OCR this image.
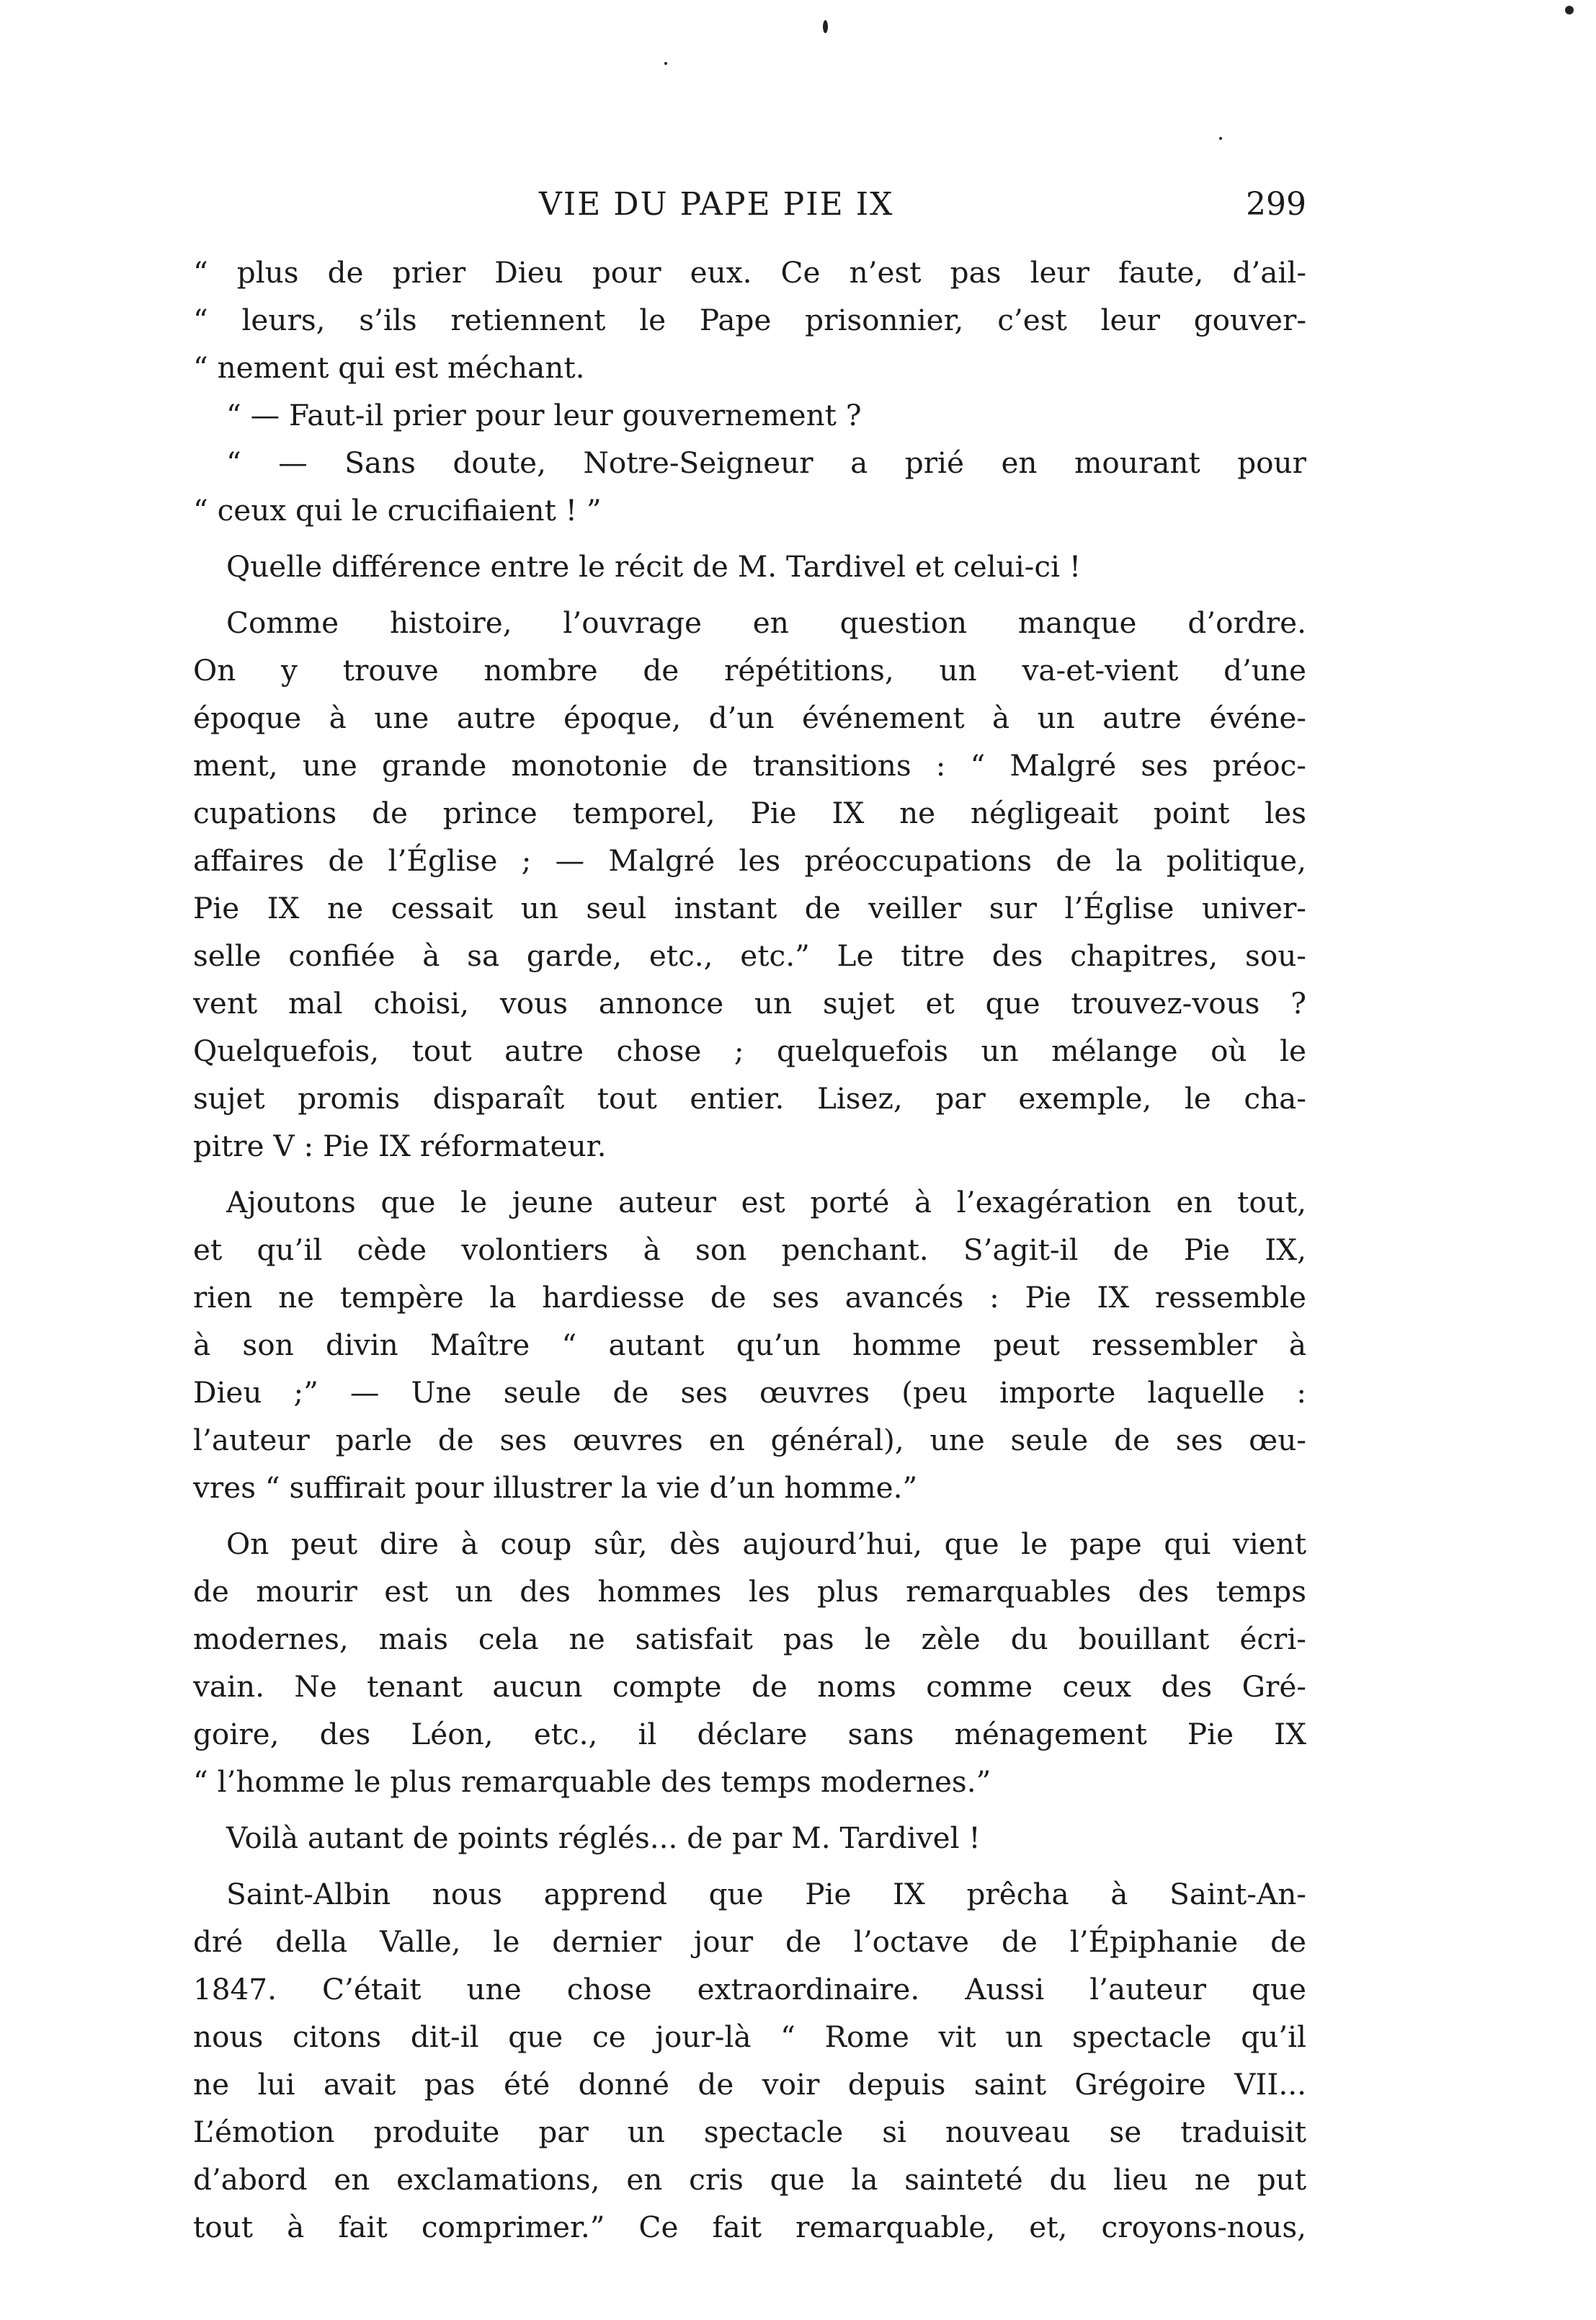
VIE DU PAPE PIE IX	299
“ plus de prier Dieu pour eux. Ce n’est pas leur faute, d’ail-
“ leurs, s’ils retiennent le Pape prisonnier, c’est leur gouver-
“ nement qui est méchant.
“ — Faut-il prier pour leur gouvernement ?
“ — Sans doute, Notre-Seigneur a prié en mourant pour
“ ceux qui le crucifiaient ! ”
Quelle différence entre le récit de M. Tardivel et celui-ci !
Comme histoire, l’ouvrage en question manque d’ordre.
On y trouve nombre de répétitions, un va-et-vient d’une
époque à une autre époque, d’un événement à un autre événe-
ment, une grande monotonie de transitions : “ Malgré ses préoc-
cupations de prince temporel, Pie IX ne négligeait point les
affaires de l’Église ; — Malgré les préoccupations de la politique,
Pie IX ne cessait un seul instant de veiller sur l’Église univer-
selle confiée à sa garde, etc., etc.” Le titre des chapitres, sou-
vent mal choisi, vous annonce un sujet et que trouvez-vous ?
Quelquefois, tout autre chose ; quelquefois un mélange où le
sujet promis disparaît tout entier. Lisez, par exemple, le cha-
pitre V : Pie IX réformateur.
Ajoutons que le jeune auteur est porté à l’exagération en tout,
et qu’il cède volontiers à son penchant. S’agit-il de Pie IX,
rien ne tempère la hardiesse de ses avancés : Pie IX ressemble
à son divin Maître “ autant qu’un homme peut ressembler à
Dieu ;” — Une seule de ses œuvres (peu importe laquelle :
l’auteur parle de ses œuvres en général), une seule de ses œu-
vres “ suffirait pour illustrer la vie d’un homme.”
On peut dire à coup sûr, dès aujourd’hui, que le pape qui vient
de mourir est un des hommes les plus remarquables des temps
modernes, mais cela ne satisfait pas le zèle du bouillant écri-
vain. Ne tenant aucun compte de noms comme ceux des Gré-
goire, des Léon, etc., il déclare sans ménagement Pie IX
“ l’homme le plus remarquable des temps modernes.”
Voilà autant de points réglés... de par M. Tardivel !
Saint-Albin nous apprend que Pie IX prêcha à Saint-An-
dré della Valle, le dernier jour de l’octave de l’Épiphanie de
1847. C’était une chose extraordinaire. Aussi l’auteur que
nous citons dit-il que ce jour-là “ Rome vit un spectacle qu’il
ne lui avait pas été donné de voir depuis saint Grégoire VII...
L’émotion produite par un spectacle si nouveau se traduisit
d’abord en exclamations, en cris que la sainteté du lieu ne put
tout à fait comprimer.” Ce fait remarquable, et, croyons-nous,
